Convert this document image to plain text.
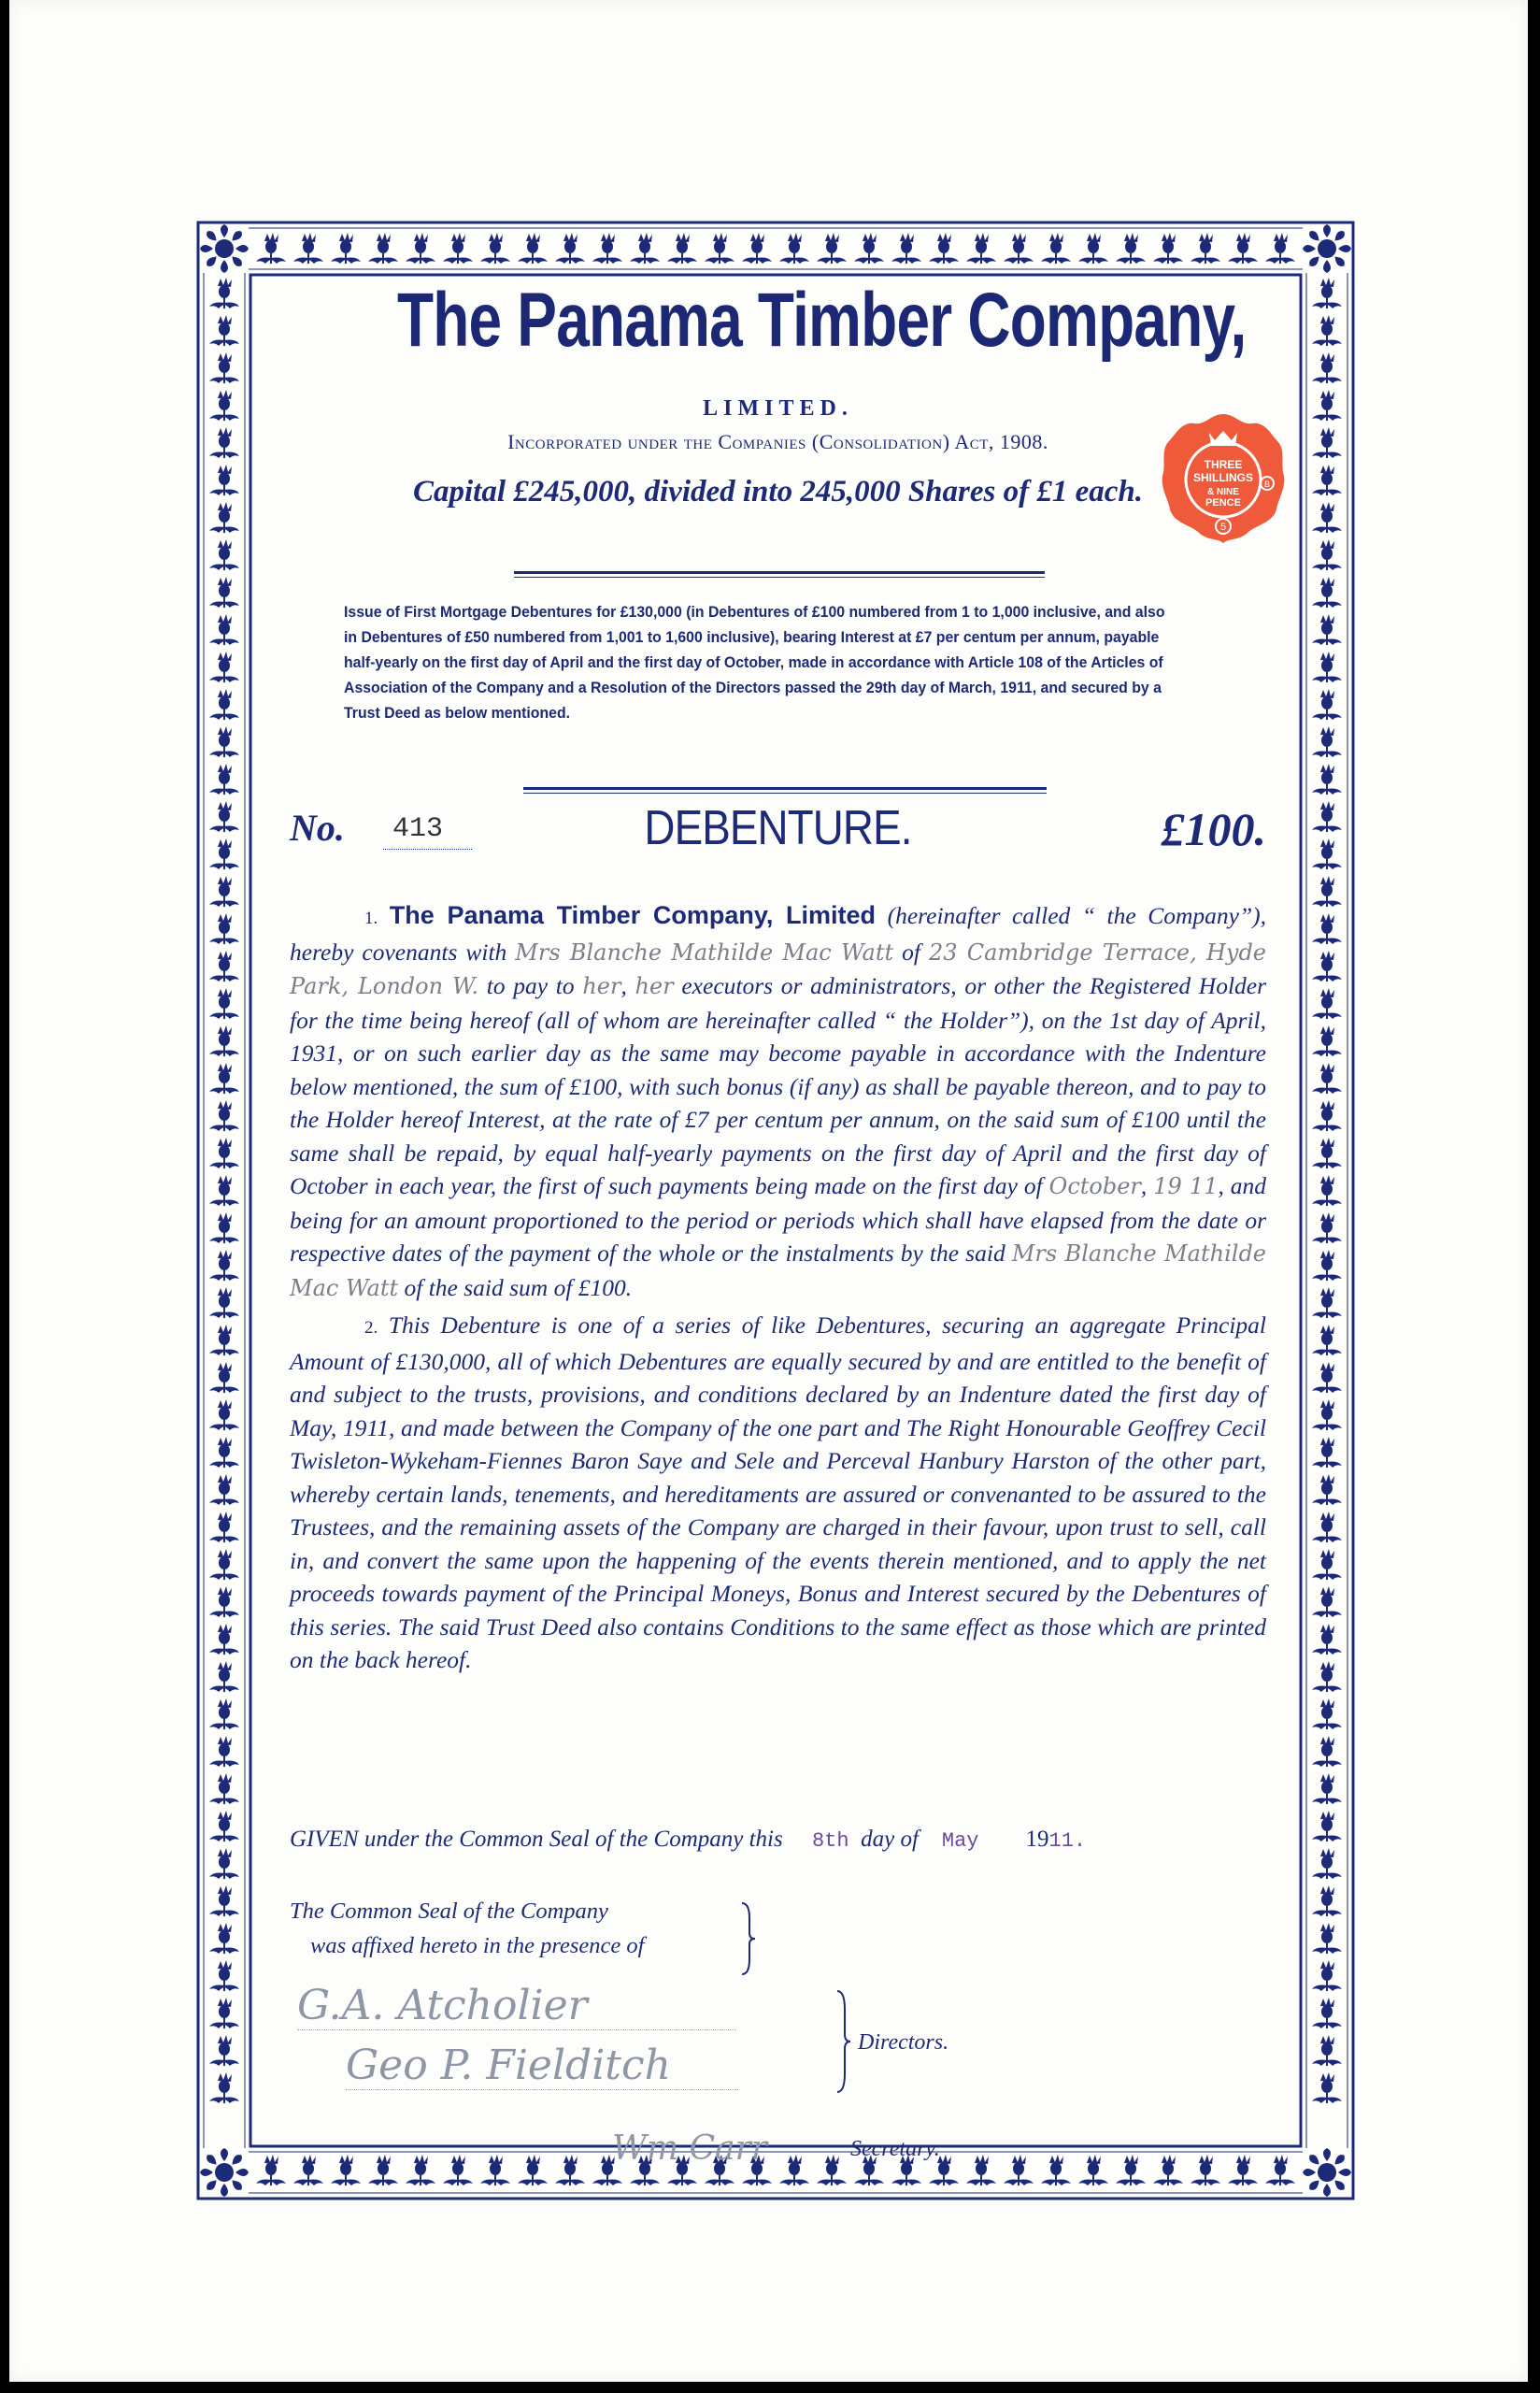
THREE
SHILLINGS
& NINE
PENCE
5
B
The Panama Timber Company,
LIMITED.
Incorporated under the Companies (Consolidation) Act, 1908.
Capital £245,000, divided into 245,000 Shares of £1 each.

Issue of First Mortgage Debentures for £130,000 (in Debentures of £100 numbered from 1 to 1,000 inclusive, and also in Debentures of £50 numbered from 1,001 to 1,600 inclusive), bearing Interest at £7 per centum per annum, payable half-yearly on the first day of April and the first day of October, made in accordance with Article 108 of the Articles of Association of the Company and a Resolution of the Directors passed the 29th day of March, 1911, and secured by a Trust Deed as below mentioned.

No. 413	DEBENTURE.	£100.

1. The Panama Timber Company, Limited (hereinafter called “ the Company”), hereby covenants with Mrs Blanche Mathilde Mac Watt of 23 Cambridge Terrace, Hyde Park, London W. to pay to her, her executors or administrators, or other the Registered Holder for the time being hereof (all of whom are hereinafter called “ the Holder”), on the 1st day of April, 1931, or on such earlier day as the same may become payable in accordance with the Indenture below mentioned, the sum of £100, with such bonus (if any) as shall be payable thereon, and to pay to the Holder hereof Interest, at the rate of £7 per centum per annum, on the said sum of £100 until the same shall be repaid, by equal half-yearly payments on the first day of April and the first day of October in each year, the first of such payments being made on the first day of October, 19 11, and being for an amount proportioned to the period or periods which shall have elapsed from the date or respective dates of the payment of the whole or the instalments by the said Mrs Blanche Mathilde Mac Watt of the said sum of £100.

2. This Debenture is one of a series of like Debentures, securing an aggregate Principal Amount of £130,000, all of which Debentures are equally secured by and are entitled to the benefit of and subject to the trusts, provisions, and conditions declared by an Indenture dated the first day of May, 1911, and made between the Company of the one part and The Right Honourable Geoffrey Cecil Twisleton-Wykeham-Fiennes Baron Saye and Sele and Perceval Hanbury Harston of the other part, whereby certain lands, tenements, and hereditaments are assured or convenanted to be assured to the Trustees, and the remaining assets of the Company are charged in their favour, upon trust to sell, call in, and convert the same upon the happening of the events therein mentioned, and to apply the net proceeds towards payment of the Principal Moneys, Bonus and Interest secured by the Debentures of this series. The said Trust Deed also contains Conditions to the same effect as those which are printed on the back hereof.

GIVEN under the Common Seal of the Company this 8th day of May 1911.
The Common Seal of the Company
was affixed hereto in the presence of
G.A. Atcholier
Geo P. Fielditch	Directors.
Wm Carr	Secretary.
